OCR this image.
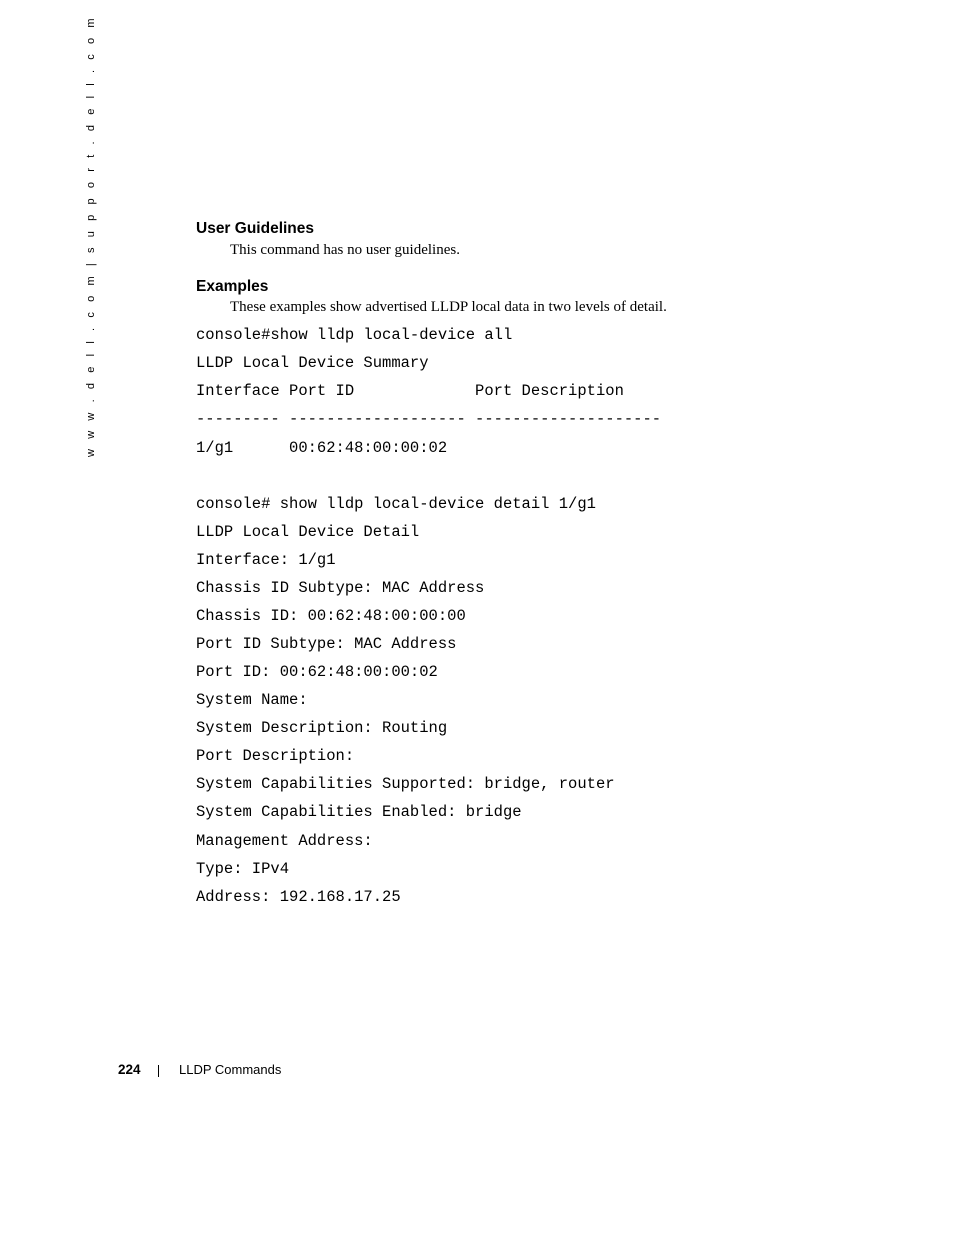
w w w . d e l l . c o m | s u p p o r t . d e l l . c o m	User Guidelines
This command has no user guidelines.
Examples
These examples show advertised LLDP local data in two levels of detail.
console#show lldp local-device all
LLDP Local Device Summary
Interface Port ID             Port Description
--------- ------------------- --------------------
1/g1      00:62:48:00:00:02
console# show lldp local-device detail 1/g1
LLDP Local Device Detail
Interface: 1/g1
Chassis ID Subtype: MAC Address
Chassis ID: 00:62:48:00:00:00
Port ID Subtype: MAC Address
Port ID: 00:62:48:00:00:02
System Name:
System Description: Routing
Port Description:
System Capabilities Supported: bridge, router
System Capabilities Enabled: bridge
Management Address:
Type: IPv4
Address: 192.168.17.25
224	LLDP Commands
